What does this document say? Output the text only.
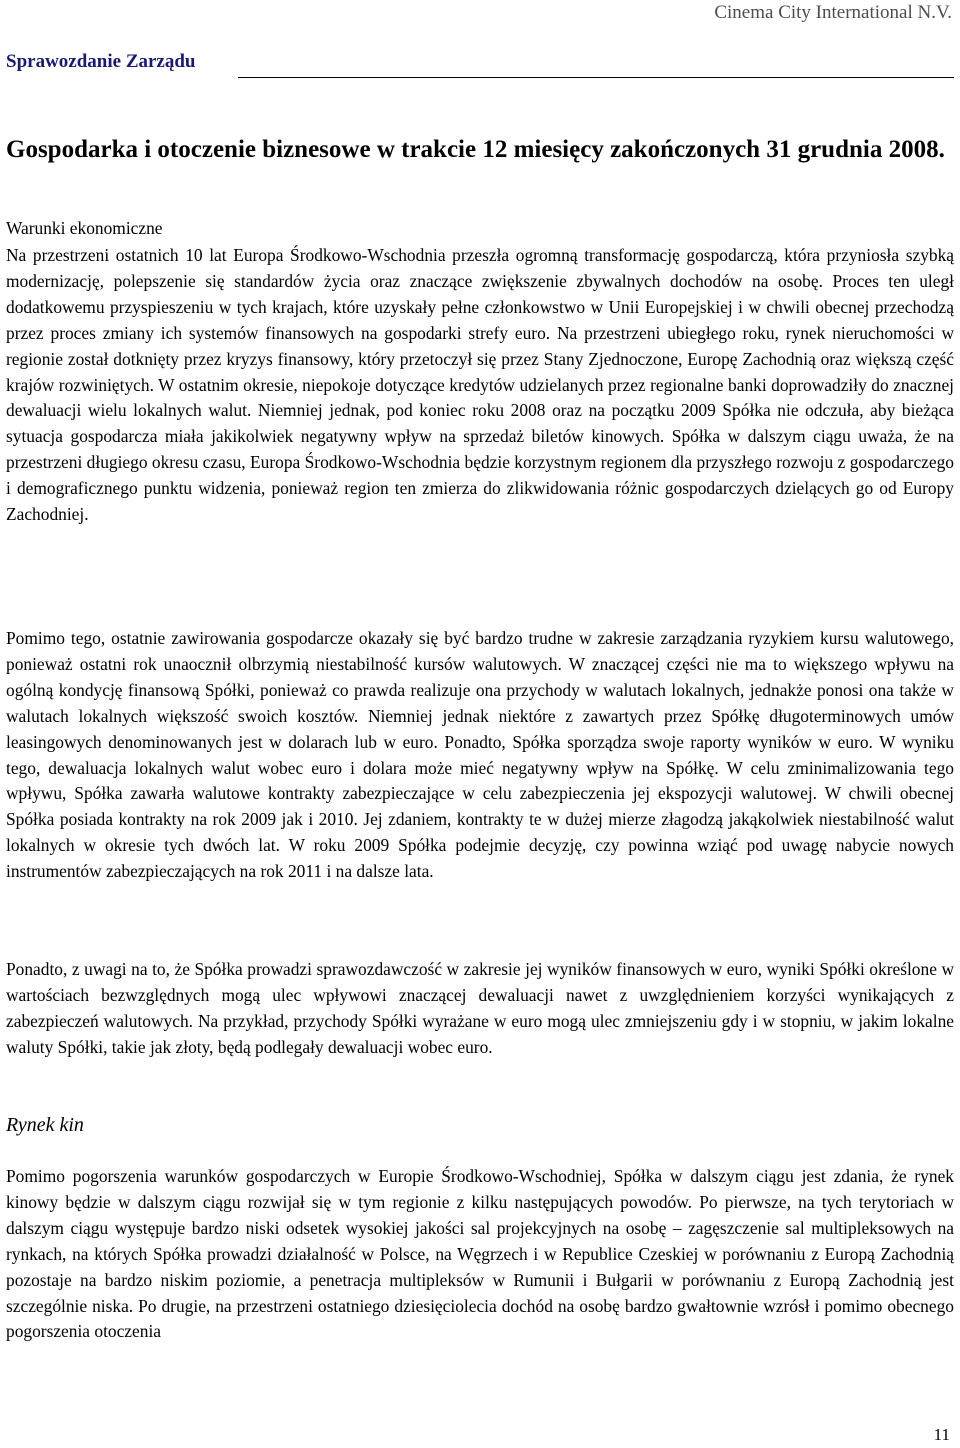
Cinema City International N.V.
Sprawozdanie Zarządu
Gospodarka i otoczenie biznesowe w trakcie 12 miesięcy zakończonych 31 grudnia 2008.

Warunki ekonomiczne

Na przestrzeni ostatnich 10 lat Europa Środkowo-Wschodnia przeszła ogromną transformację gospodarczą, która przyniosła szybką modernizację, polepszenie się standardów życia oraz znaczące zwiększenie zbywalnych dochodów na osobę. Proces ten uległ dodatkowemu przyspieszeniu w tych krajach, które uzyskały pełne członkowstwo w Unii Europejskiej i w chwili obecnej przechodzą przez proces zmiany ich systemów finansowych na gospodarki strefy euro. Na przestrzeni ubiegłego roku, rynek nieruchomości w regionie został dotknięty przez kryzys finansowy, który przetoczył się przez Stany Zjednoczone, Europę Zachodnią oraz większą część krajów rozwiniętych. W ostatnim okresie, niepokoje dotyczące kredytów udzielanych przez regionalne banki doprowadziły do znacznej dewaluacji wielu lokalnych walut. Niemniej jednak, pod koniec roku 2008 oraz na początku 2009 Spółka nie odczuła, aby bieżąca sytuacja gospodarcza miała jakikolwiek negatywny wpływ na sprzedaż biletów kinowych. Spółka w dalszym ciągu uważa, że na przestrzeni długiego okresu czasu, Europa Środkowo-Wschodnia będzie korzystnym regionem dla przyszłego rozwoju z gospodarczego i demograficznego punktu widzenia, ponieważ region ten zmierza do zlikwidowania różnic gospodarczych dzielących go od Europy Zachodniej.

Pomimo tego, ostatnie zawirowania gospodarcze okazały się być bardzo trudne w zakresie zarządzania ryzykiem kursu walutowego, ponieważ ostatni rok unaocznił olbrzymią niestabilność kursów walutowych. W znaczącej części nie ma to większego wpływu na ogólną kondycję finansową Spółki, ponieważ co prawda realizuje ona przychody w walutach lokalnych, jednakże ponosi ona także w walutach lokalnych większość swoich kosztów. Niemniej jednak niektóre z zawartych przez Spółkę długoterminowych umów leasingowych denominowanych jest w dolarach lub w euro. Ponadto, Spółka sporządza swoje raporty wyników w euro. W wyniku tego, dewaluacja lokalnych walut wobec euro i dolara może mieć negatywny wpływ na Spółkę. W celu zminimalizowania tego wpływu, Spółka zawarła walutowe kontrakty zabezpieczające w celu zabezpieczenia jej ekspozycji walutowej. W chwili obecnej Spółka posiada kontrakty na rok 2009 jak i 2010. Jej zdaniem, kontrakty te w dużej mierze złagodzą jakąkolwiek niestabilność walut lokalnych w okresie tych dwóch lat. W roku 2009 Spółka podejmie decyzję, czy powinna wziąć pod uwagę nabycie nowych instrumentów zabezpieczających na rok 2011 i na dalsze lata.

Ponadto, z uwagi na to, że Spółka prowadzi sprawozdawczość w zakresie jej wyników finansowych w euro, wyniki Spółki określone w wartościach bezwzględnych mogą ulec wpływowi znaczącej dewaluacji nawet z uwzględnieniem korzyści wynikających z zabezpieczeń walutowych. Na przykład, przychody Spółki wyrażane w euro mogą ulec zmniejszeniu gdy i w stopniu, w jakim lokalne waluty Spółki, takie jak złoty, będą podlegały dewaluacji wobec euro.

Rynek kin

Pomimo pogorszenia warunków gospodarczych w Europie Środkowo-Wschodniej, Spółka w dalszym ciągu jest zdania, że rynek kinowy będzie w dalszym ciągu rozwijał się w tym regionie z kilku następujących powodów. Po pierwsze, na tych terytoriach w dalszym ciągu występuje bardzo niski odsetek wysokiej jakości sal projekcyjnych na osobę – zagęszczenie sal multipleksowych na rynkach, na których Spółka prowadzi działalność w Polsce, na Węgrzech i w Republice Czeskiej w porównaniu z Europą Zachodnią pozostaje na bardzo niskim poziomie, a penetracja multipleksów w Rumunii i Bułgarii w porównaniu z Europą Zachodnią jest szczególnie niska. Po drugie, na przestrzeni ostatniego dziesięciolecia dochód na osobę bardzo gwałtownie wzrósł i pomimo obecnego pogorszenia otoczenia

11
